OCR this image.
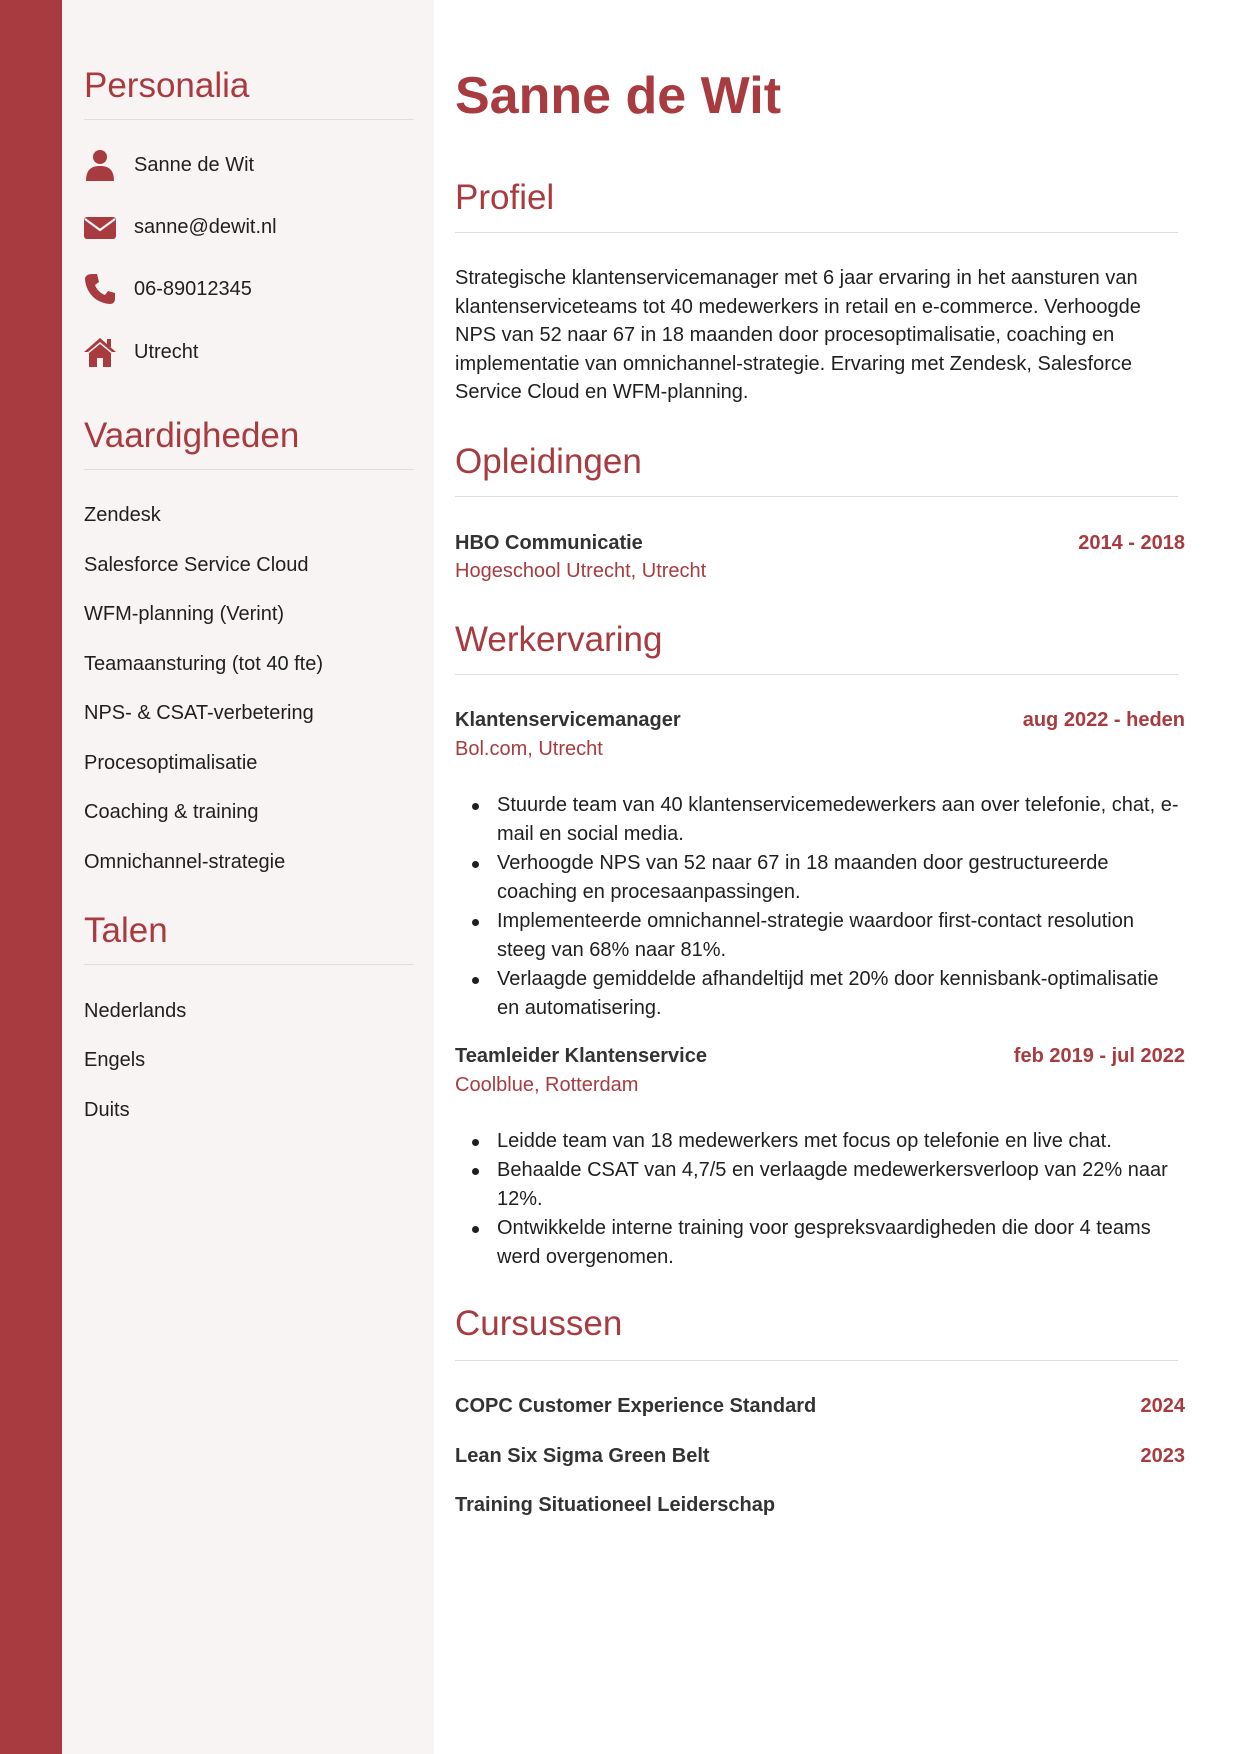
Personalia
Sanne de Wit
sanne@dewit.nl
06-89012345
Utrecht
Vaardigheden
Zendesk
Salesforce Service Cloud
WFM-planning (Verint)
Teamaansturing (tot 40 fte)
NPS- & CSAT-verbetering
Procesoptimalisatie
Coaching & training
Omnichannel-strategie
Talen
Nederlands
Engels
Duits
Sanne de Wit
Profiel
Strategische klantenservicemanager met 6 jaar ervaring in het aansturen van klantenserviceteams tot 40 medewerkers in retail en e-commerce. Verhoogde NPS van 52 naar 67 in 18 maanden door procesoptimalisatie, coaching en implementatie van omnichannel-strategie. Ervaring met Zendesk, Salesforce Service Cloud en WFM-planning.
Opleidingen
HBO Communicatie	2014 - 2018
Hogeschool Utrecht, Utrecht
Werkervaring
Klantenservicemanager	aug 2022 - heden
Bol.com, Utrecht
Stuurde team van 40 klantenservicemedewerkers aan over telefonie, chat, e-mail en social media.
Verhoogde NPS van 52 naar 67 in 18 maanden door gestructureerde coaching en procesaanpassingen.
Implementeerde omnichannel-strategie waardoor first-contact resolution steeg van 68% naar 81%.
Verlaagde gemiddelde afhandeltijd met 20% door kennisbank-optimalisatie en automatisering.
Teamleider Klantenservice	feb 2019 - jul 2022
Coolblue, Rotterdam
Leidde team van 18 medewerkers met focus op telefonie en live chat.
Behaalde CSAT van 4,7/5 en verlaagde medewerkersverloop van 22% naar 12%.
Ontwikkelde interne training voor gespreksvaardigheden die door 4 teams werd overgenomen.
Cursussen
COPC Customer Experience Standard	2024
Lean Six Sigma Green Belt	2023
Training Situationeel Leiderschap
